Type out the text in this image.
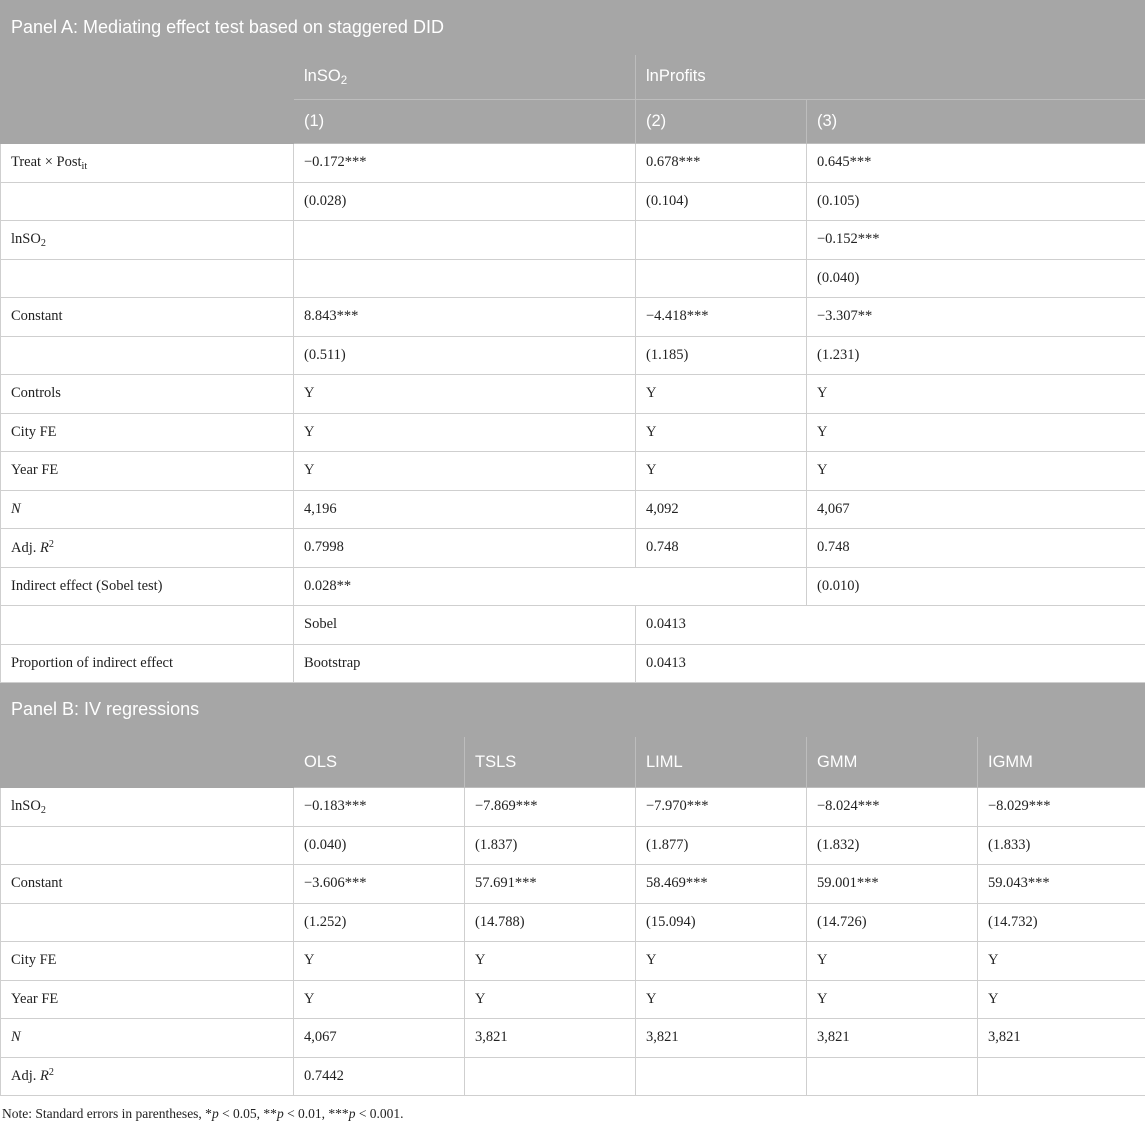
Panel A: Mediating effect test based on staggered DID					
	lnSO$_2$		lnProfits		
	(1)		(2)	(3)	
Treat × Post$_{it}$	−0.172***		0.678***	0.645***	
	(0.028)		(0.104)	(0.105)	
lnSO$_2$				−0.152***	
				(0.040)	
Constant	8.843***		−4.418***	−3.307**	
	(0.511)		(1.185)	(1.231)	
Controls	Y		Y	Y	
City FE	Y		Y	Y	
Year FE	Y		Y	Y	
N	4,196		4,092	4,067	
Adj. $R^2$	0.7998		0.748	0.748	
Indirect effect (Sobel test)	0.028**			(0.010)	
	Sobel		0.0413		
Proportion of indirect effect	Bootstrap		0.0413		
Panel B: IV regressions					
	OLS	TSLS	LIML	GMM	IGMM
lnSO$_2$	−0.183***	−7.869***	−7.970***	−8.024***	−8.029***
	(0.040)	(1.837)	(1.877)	(1.832)	(1.833)
Constant	−3.606***	57.691***	58.469***	59.001***	59.043***
	(1.252)	(14.788)	(15.094)	(14.726)	(14.732)
City FE	Y	Y	Y	Y	Y
Year FE	Y	Y	Y	Y	Y
N	4,067	3,821	3,821	3,821	3,821
Adj. $R^2$	0.7442				
Note: Standard errors in parentheses, *p < 0.05, **p < 0.01, ***p < 0.001.
